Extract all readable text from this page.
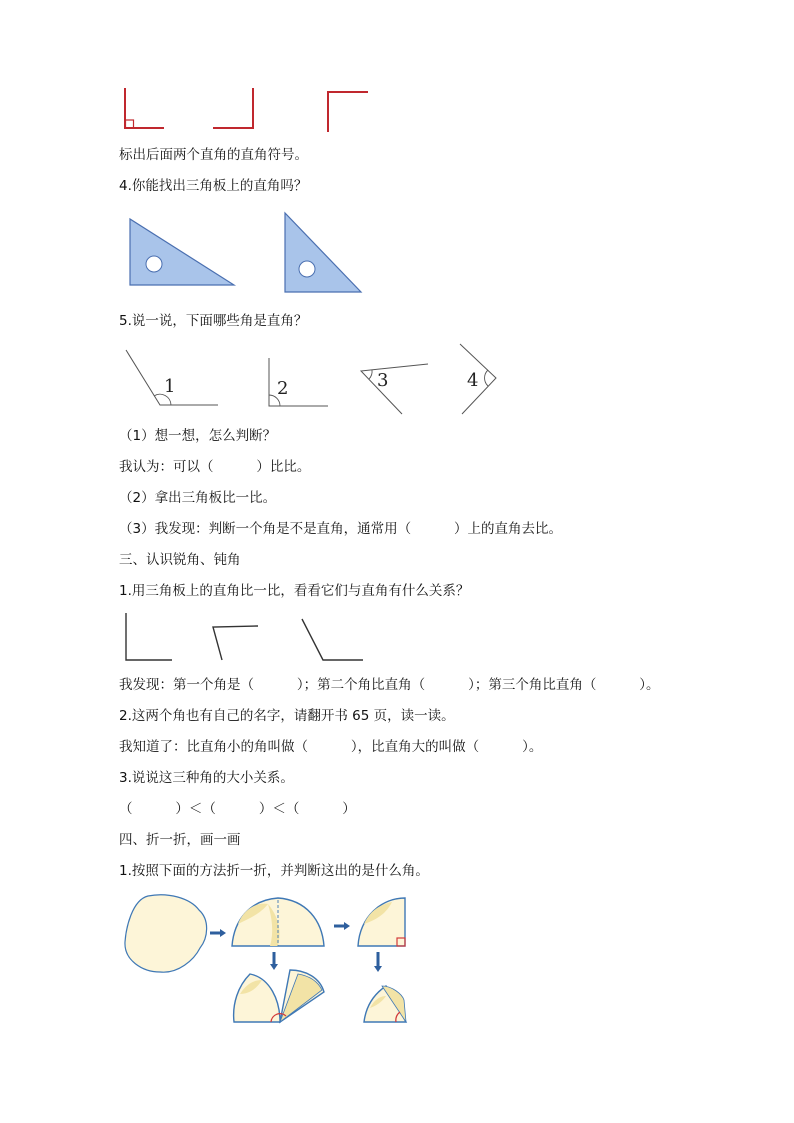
标出后面两个直角的直角符号。
4.你能找出三角板上的直角吗？
5.说一说，下面哪些角是直角？
1	2	3	4
（1）想一想，怎么判断？
我认为：可以（          ）比比。
（2）拿出三角板比一比。
（3）我发现：判断一个角是不是直角，通常用（          ）上的直角去比。
三、认识锐角、钝角
1.用三角板上的直角比一比，看看它们与直角有什么关系？
我发现：第一个角是（          ）；第二个角比直角（          ）；第三个角比直角（          ）。
2.这两个角也有自己的名字，请翻开书 65 页，读一读。
我知道了：比直角小的角叫做（          ），比直角大的叫做（          ）。
3.说说这三种角的大小关系。
（          ）＜（          ）＜（          ）
四、折一折，画一画
1.按照下面的方法折一折，并判断这出的是什么角。
